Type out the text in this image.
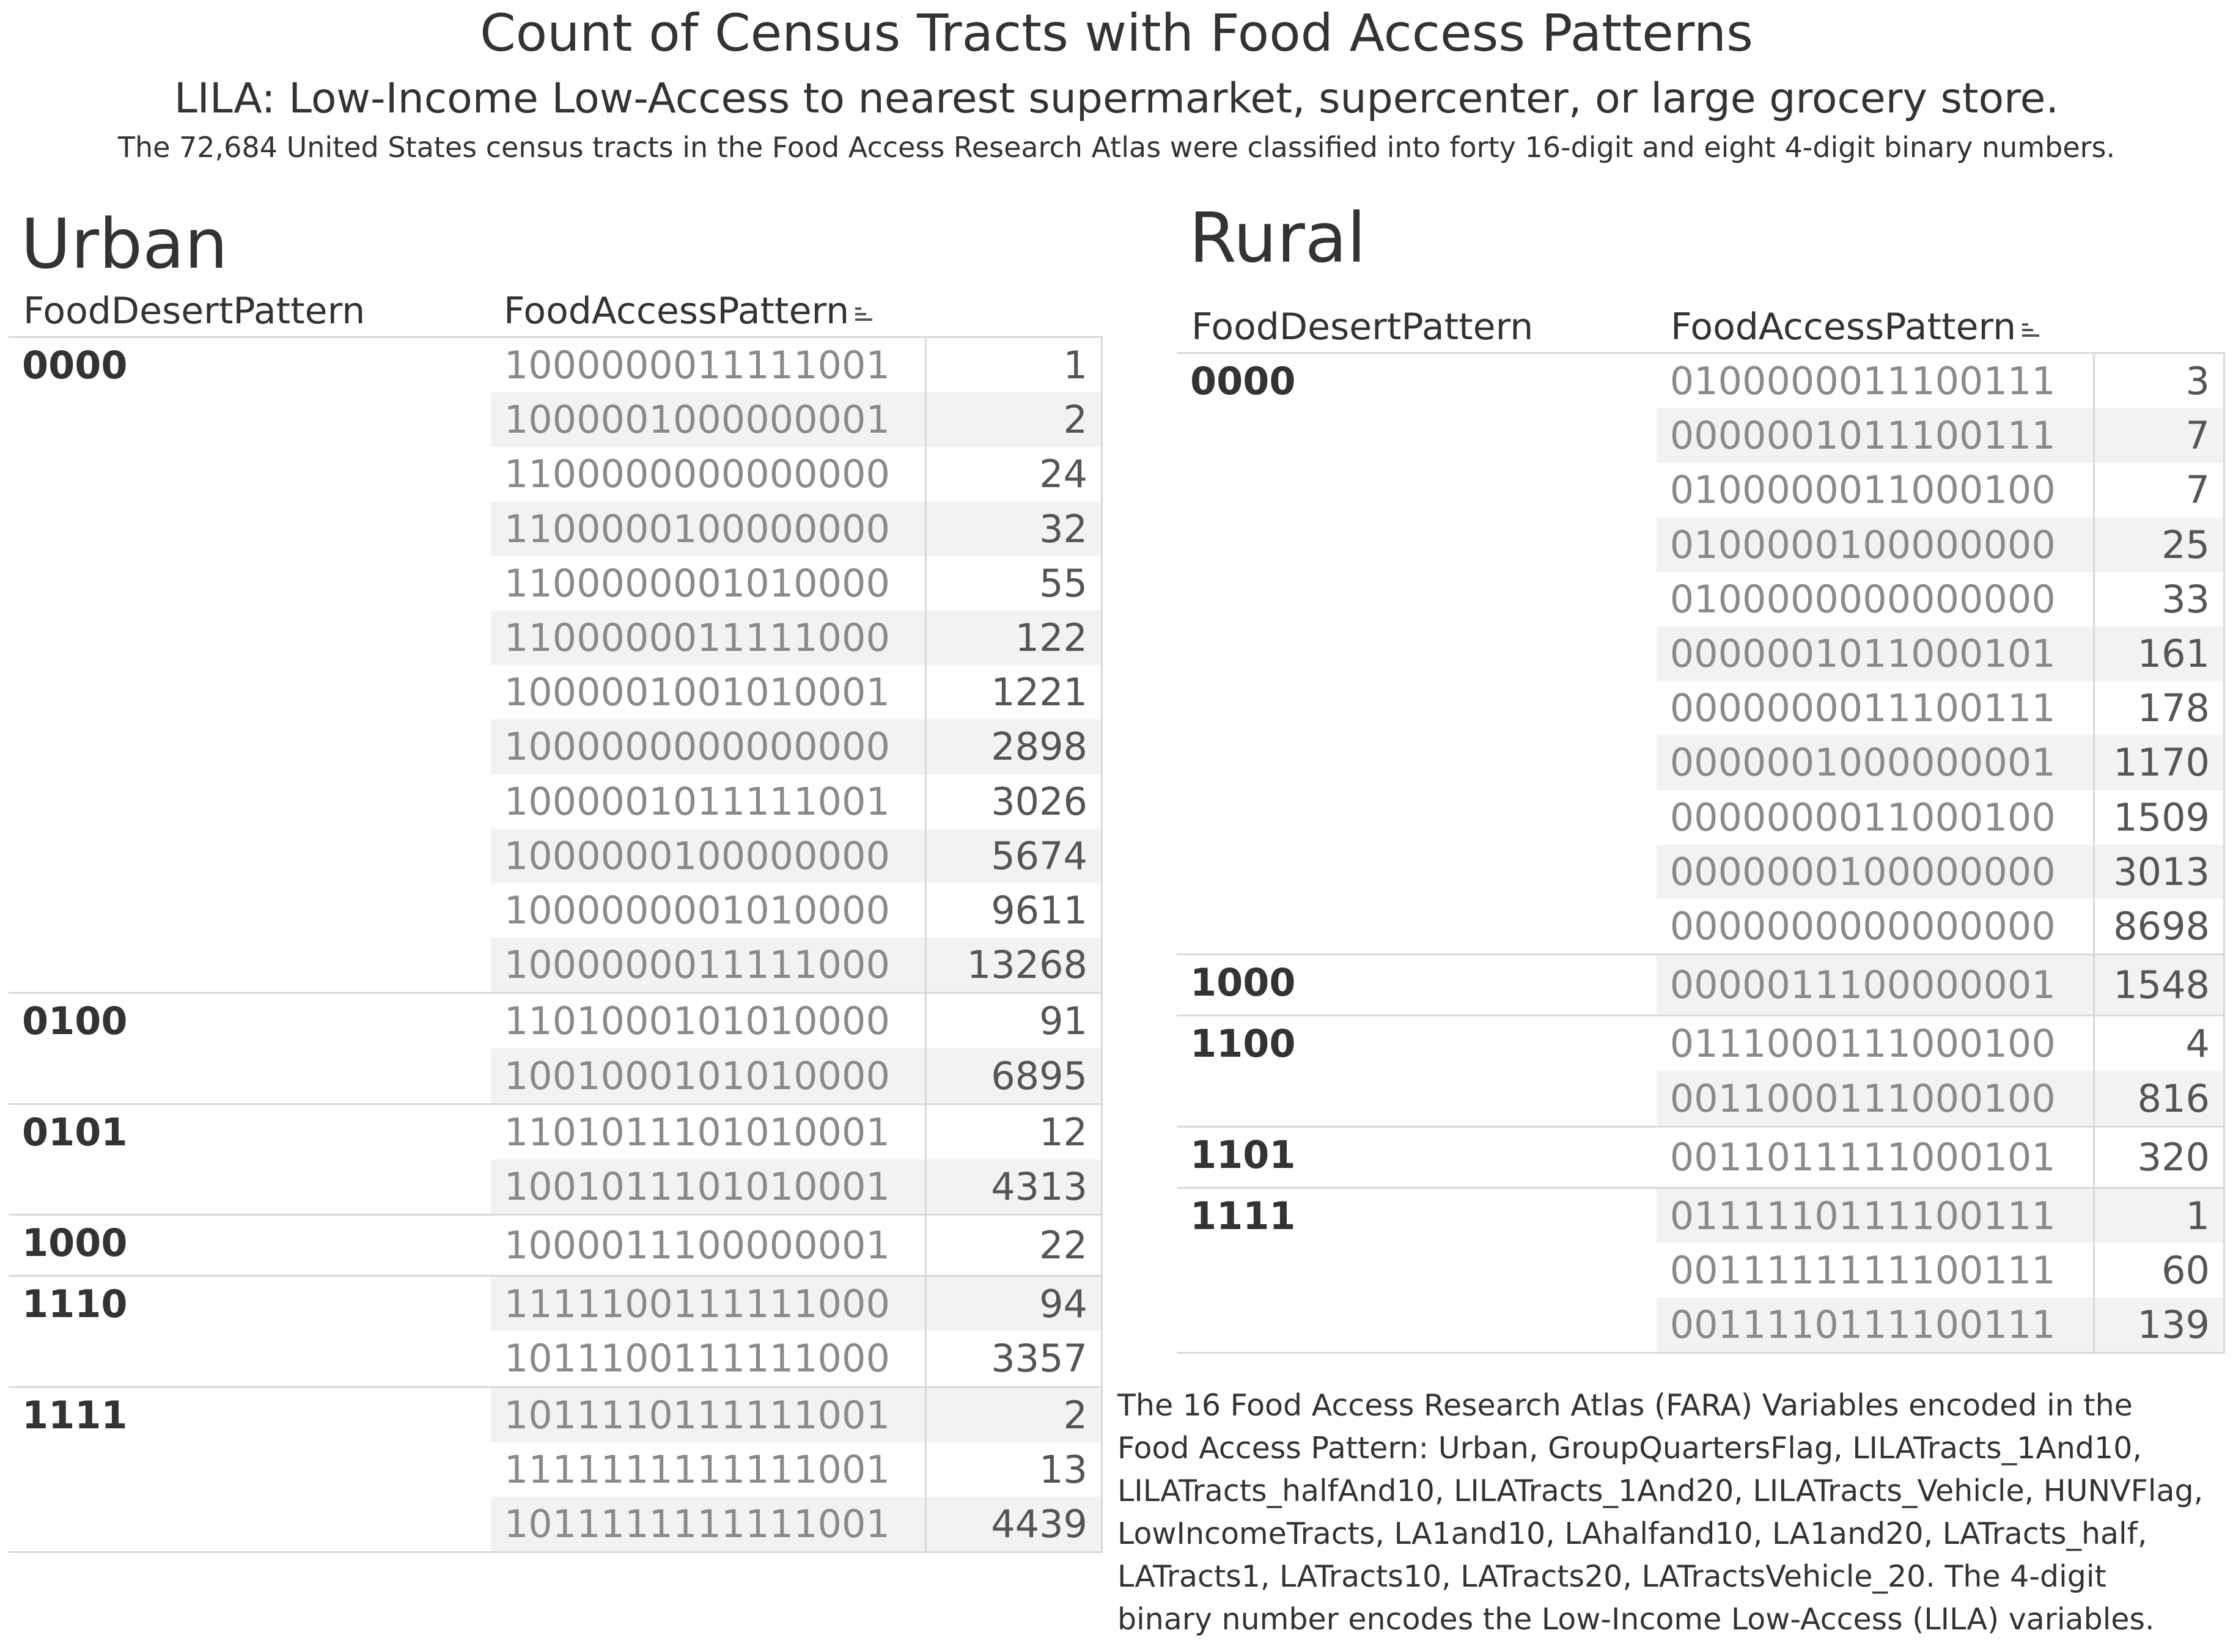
Count of Census Tracts with Food Access Patterns
LILA: Low-Income Low-Access to nearest supermarket, supercenter, or large grocery store.
The 72,684 United States census tracts in the Food Access Research Atlas were classified into forty 16-digit and eight 4-digit binary numbers.
Urban
FoodDesertPattern	FoodAccessPattern
0000	1000000011111001	1
	1000001000000001	2
	1100000000000000	24
	1100000100000000	32
	1100000001010000	55
	1100000011111000	122
	1000001001010001	1221
	1000000000000000	2898
	1000001011111001	3026
	1000000100000000	5674
	1000000001010000	9611
	1000000011111000	13268
0100	1101000101010000	91
	1001000101010000	6895
0101	1101011101010001	12
	1001011101010001	4313
1000	1000011100000001	22
1110	1111100111111000	94
	1011100111111000	3357
1111	1011110111111001	2
	1111111111111001	13
	1011111111111001	4439
Rural
FoodDesertPattern	FoodAccessPattern
0000	0100000011100111	3
	0000001011100111	7
	0100000011000100	7
	0100000100000000	25
	0100000000000000	33
	0000001011000101	161
	0000000011100111	178
	0000001000000001	1170
	0000000011000100	1509
	0000000100000000	3013
	0000000000000000	8698
1000	0000011100000001	1548
1100	0111000111000100	4
	0011000111000100	816
1101	0011011111000101	320
1111	0111110111100111	1
	0011111111100111	60
	0011110111100111	139
The 16 Food Access Research Atlas (FARA) Variables encoded in the Food Access Pattern: Urban, GroupQuartersFlag, LILATracts_1And10, LILATracts_halfAnd10, LILATracts_1And20, LILATracts_Vehicle, HUNVFlag, LowIncomeTracts, LA1and10, LAhalfand10, LA1and20, LATracts_half, LATracts1, LATracts10, LATracts20, LATractsVehicle_20. The 4-digit binary number encodes the Low-Income Low-Access (LILA) variables.
